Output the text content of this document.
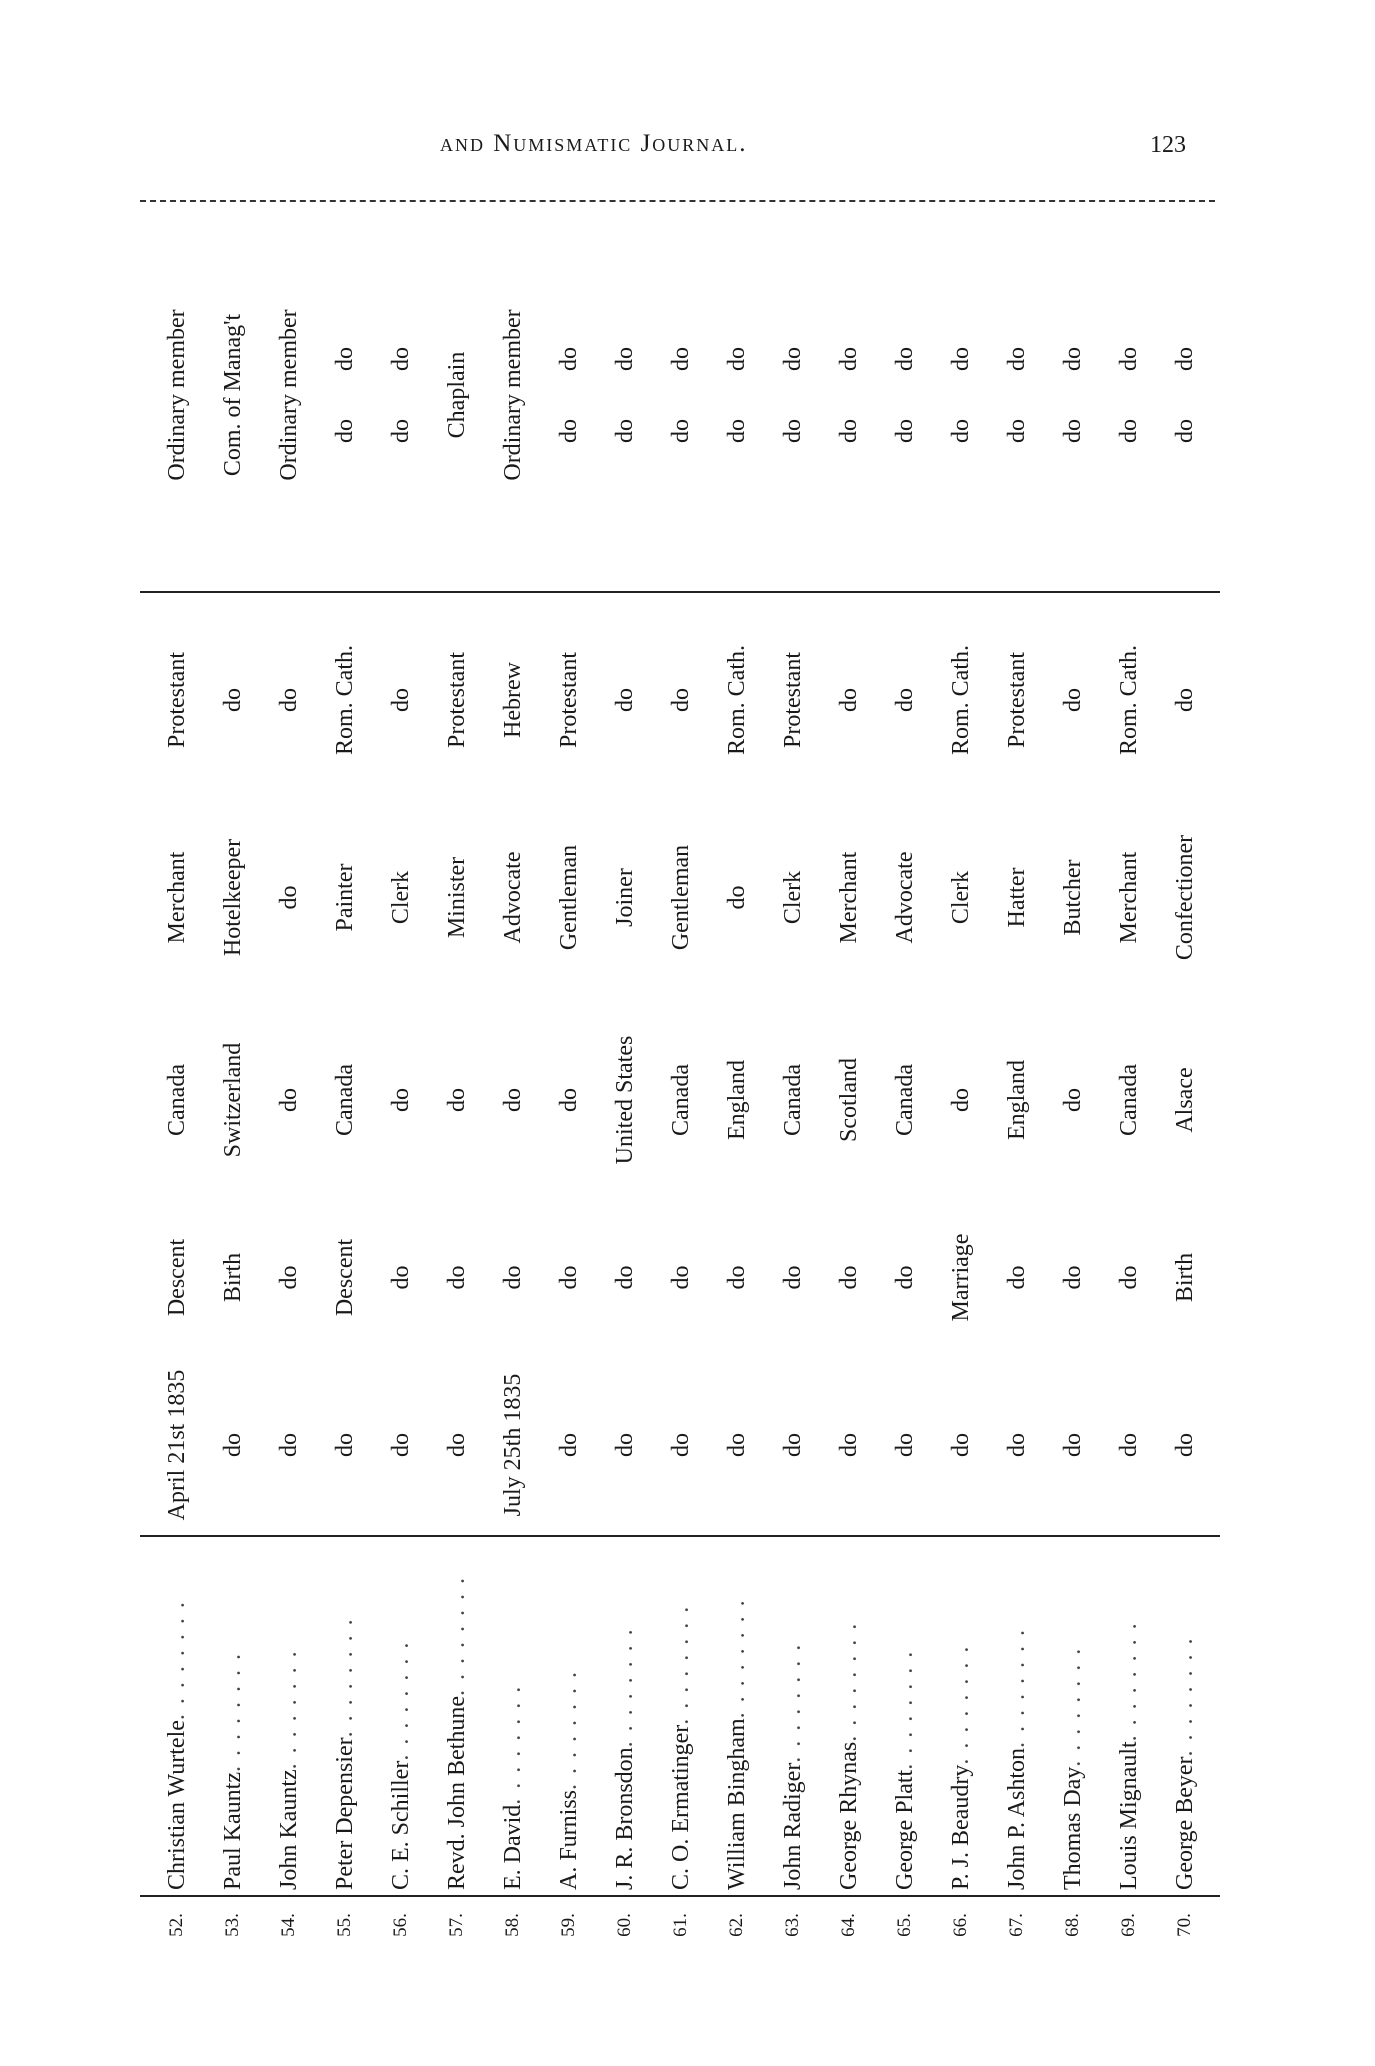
and Numismatic Journal.	123
52.
Christian Wurtele
. . . . . . . .
April 21st 1835
Descent
Canada
Merchant
Protestant
Ordinary member
53.
Paul Kauntz
. . . . . . . .
do
Birth
Switzerland
Hotelkeeper
do
Com. of Manag't
54.
John Kauntz
. . . . . . . .
do
do
do
do
do
Ordinary member
55.
Peter Depensier
. . . . . . . .
do
Descent
Canada
Painter
Rom. Cath.
do        do
56.
C. E. Schiller
. . . . . . . .
do
do
do
Clerk
do
do        do
57.
Revd. John Bethune
. . . . . . . .
do
do
do
Minister
Protestant
Chaplain
58.
E. David
. . . . . . . .
July 25th 1835
do
do
Advocate
Hebrew
Ordinary member
59.
A. Furniss
. . . . . . . .
do
do
do
Gentleman
Protestant
do        do
60.
J. R. Bronsdon
. . . . . . . .
do
do
United States
Joiner
do
do        do
61.
C. O. Ermatinger
. . . . . . . .
do
do
Canada
Gentleman
do
do        do
62.
William Bingham
. . . . . . . .
do
do
England
do
Rom. Cath.
do        do
63.
John Radiger
. . . . . . . .
do
do
Canada
Clerk
Protestant
do        do
64.
George Rhynas
. . . . . . . .
do
do
Scotland
Merchant
do
do        do
65.
George Platt
. . . . . . . .
do
do
Canada
Advocate
do
do        do
66.
P. J. Beaudry
. . . . . . . .
do
Marriage
do
Clerk
Rom. Cath.
do        do
67.
John P. Ashton
. . . . . . . .
do
do
England
Hatter
Protestant
do        do
68.
Thomas Day
. . . . . . . .
do
do
do
Butcher
do
do        do
69.
Louis Mignault
. . . . . . . .
do
do
Canada
Merchant
Rom. Cath.
do        do
70.
George Beyer
. . . . . . . .
do
Birth
Alsace
Confectioner
do
do        do
